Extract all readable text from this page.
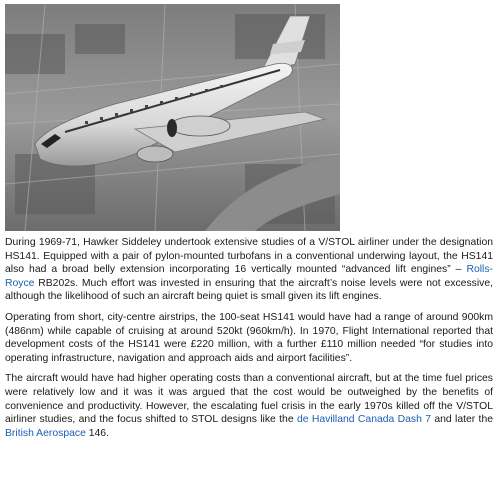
During 1969-71, Hawker Siddeley undertook extensive studies of a V/STOL airliner under the designation HS141. Equipped with a pair of pylon-mounted turbofans in a conventional underwing layout, the HS141 also had a broad belly extension incorporating 16 vertically mounted “advanced lift engines” – Rolls-Royce RB202s. Much effort was invested in ensuring that the aircraft’s noise levels were not excessive, although the likelihood of such an aircraft being quiet is small given its lift engines.

Operating from short, city-centre airstrips, the 100-seat HS141 would have had a range of around 900km (486nm) while capable of cruising at around 520kt (960km/h). In 1970, Flight International reported that development costs of the HS141 were £220 million, with a further £110 million needed “for studies into operating infrastructure, navigation and approach aids and airport facilities”.

The aircraft would have had higher operating costs than a conventional aircraft, but at the time fuel prices were relatively low and it was it was argued that the cost would be outweighed by the benefits of convenience and productivity. However, the escalating fuel crisis in the early 1970s killed off the V/STOL airliner studies, and the focus shifted to STOL designs like the de Havilland Canada Dash 7 and later the British Aerospace 146.
